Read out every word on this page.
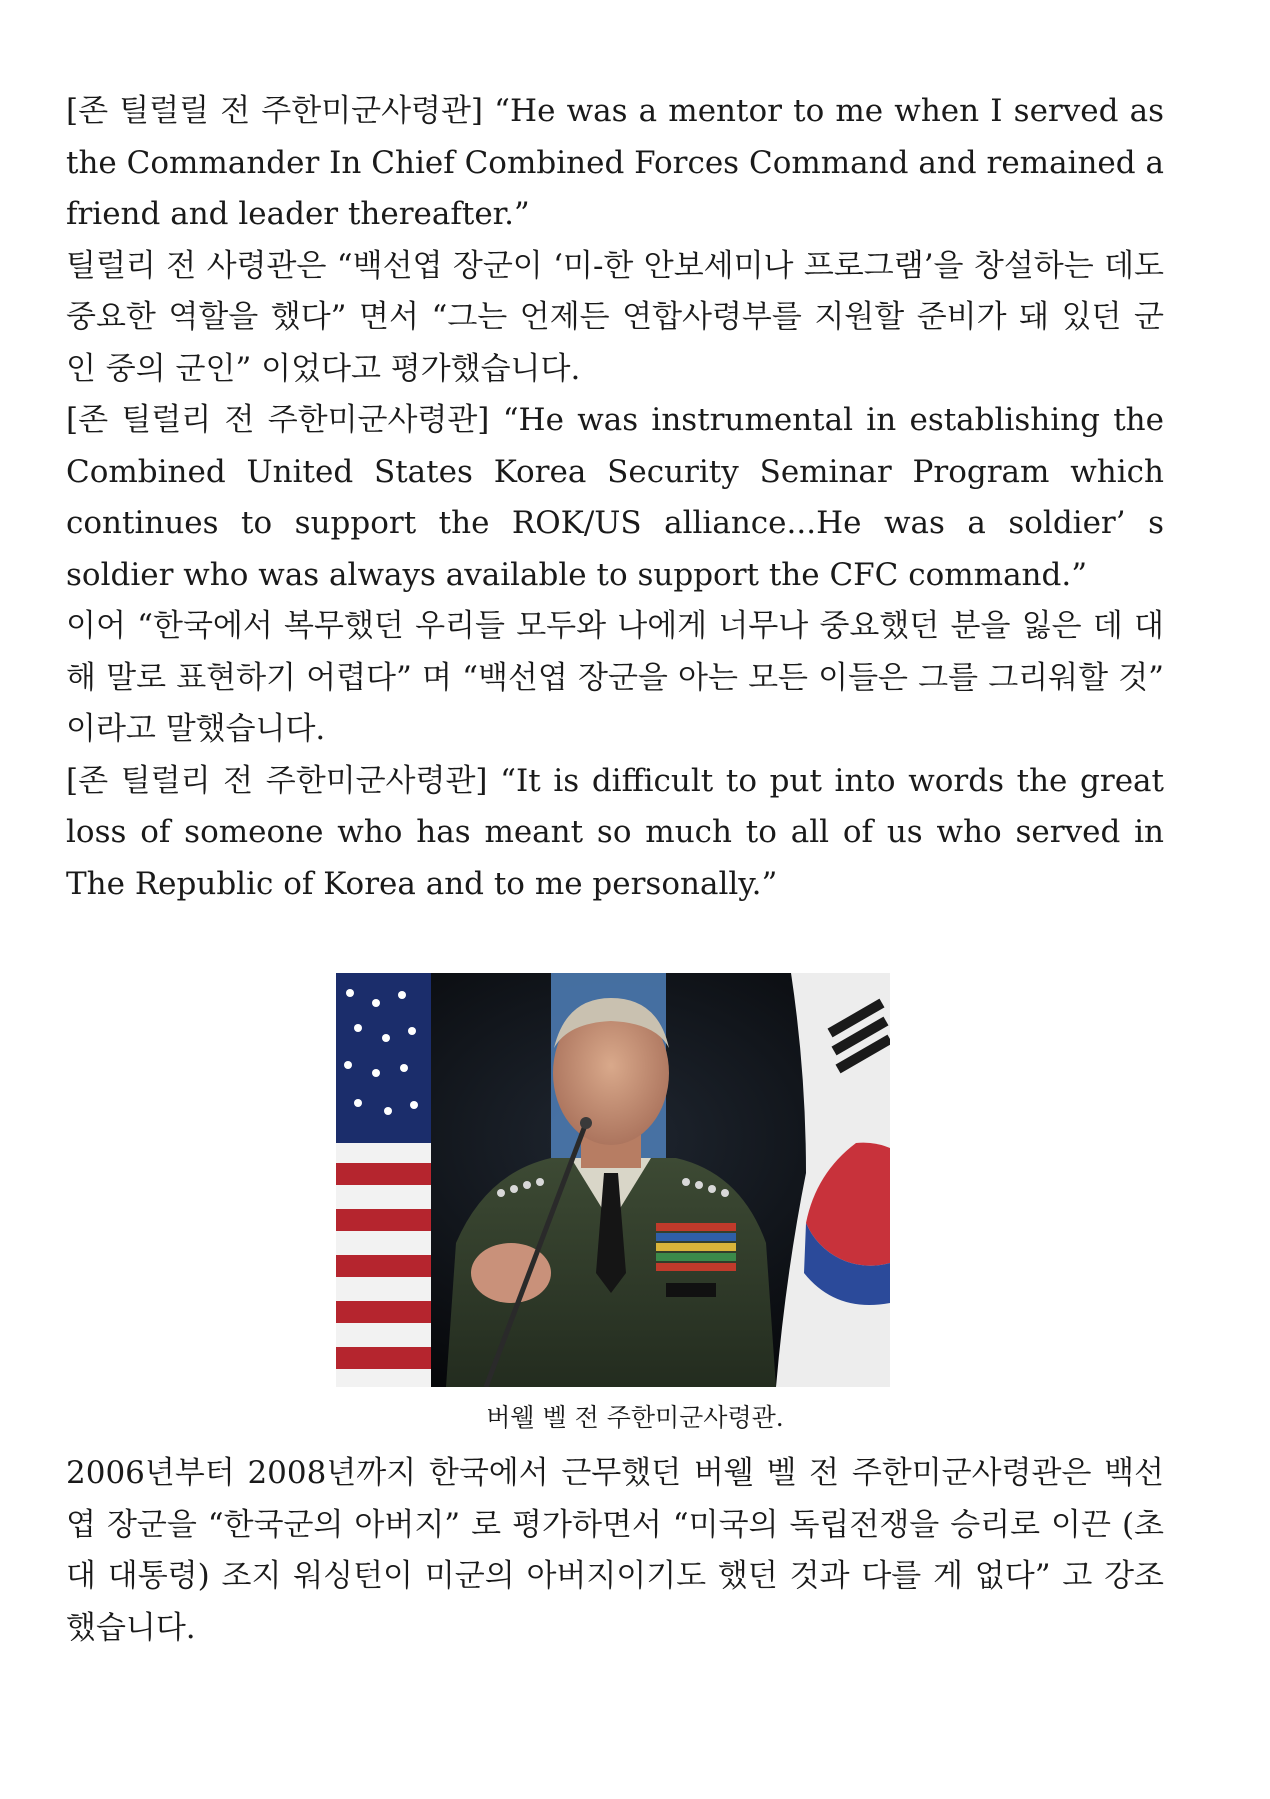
[존 틸럴릴 전 주한미군사령관] “He was a mentor to me when I served as the Commander In Chief Combined Forces Command and remained a friend and leader thereafter.”

틸럴리 전 사령관은 “백선엽 장군이 ‘미-한 안보세미나 프로그램’을 창설하는 데도 중요한 역할을 했다” 면서 “그는 언제든 연합사령부를 지원할 준비가 돼 있던 군인 중의 군인” 이었다고 평가했습니다.

[존 틸럴리 전 주한미군사령관] “He was instrumental in establishing the Combined United States Korea Security Seminar Program which continues to support the ROK/US alliance...He was a soldier’ s soldier who was always available to support the CFC command.”

이어 “한국에서 복무했던 우리들 모두와 나에게 너무나 중요했던 분을 잃은 데 대해 말로 표현하기 어렵다” 며 “백선엽 장군을 아는 모든 이들은 그를 그리워할 것” 이라고 말했습니다.

[존 틸럴리 전 주한미군사령관] “It is difficult to put into words the great loss of someone who has meant so much to all of us who served in The Republic of Korea and to me personally.”

버웰 벨 전 주한미군사령관.

2006년부터 2008년까지 한국에서 근무했던 버웰 벨 전 주한미군사령관은 백선엽 장군을 “한국군의 아버지” 로 평가하면서 “미국의 독립전쟁을 승리로 이끈 (초대 대통령) 조지 워싱턴이 미군의 아버지이기도 했던 것과 다를 게 없다” 고 강조했습니다.
